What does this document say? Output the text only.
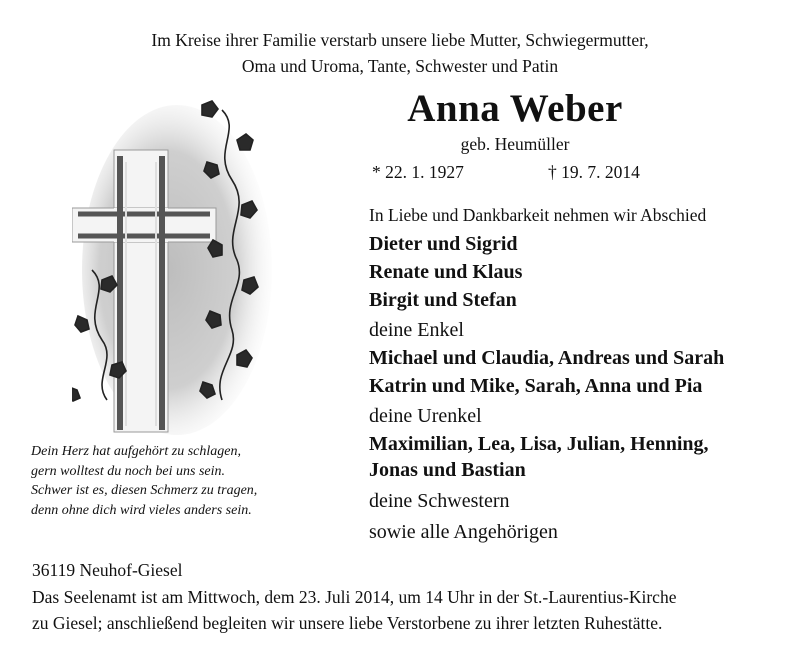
Im Kreise ihrer Familie verstarb unsere liebe Mutter, Schwiegermutter,
Oma und Uroma, Tante, Schwester und Patin
Anna Weber
geb. Heumüller
* 22. 1. 1927	† 19. 7. 2014
In Liebe und Dankbarkeit nehmen wir Abschied
Dieter und Sigrid
Renate und Klaus
Birgit und Stefan
deine Enkel
Michael und Claudia, Andreas und Sarah
Katrin und Mike, Sarah, Anna und Pia
deine Urenkel
Maximilian, Lea, Lisa, Julian, Henning,
Jonas und Bastian
deine Schwestern
sowie alle Angehörigen
Dein Herz hat aufgehört zu schlagen,
gern wolltest du noch bei uns sein.
Schwer ist es, diesen Schmerz zu tragen,
denn ohne dich wird vieles anders sein.
36119 Neuhof-Giesel
Das Seelenamt ist am Mittwoch, dem 23. Juli 2014, um 14 Uhr in der St.-Laurentius-Kirche
zu Giesel; anschließend begleiten wir unsere liebe Verstorbene zu ihrer letzten Ruhestätte.
